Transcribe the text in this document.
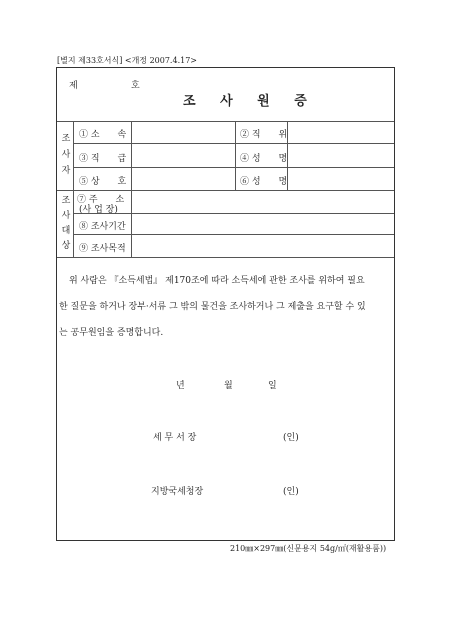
[별지 제33호서식] <개정 2007.4.17>
제	호
조 사 원 증
조
사
자
① 소　　속	② 직　　위
③ 직　　급	④ 성　　명
⑤ 상　　호	⑥ 성　　명
조
사
대
상
⑦ 주　　소
(사 업 장)
⑧ 조사기간
⑨ 조사목적
위 사람은 『소득세법』 제170조에 따라 소득세에 관한 조사를 위하여 필요
한 질문을 하거나 장부·서류 그 밖의 물건을 조사하거나 그 제출을 요구할 수 있
는 공무원임을 증명합니다.
년	월	일
세 무 서 장	(인)
지방국세청장	(인)
210㎜×297㎜(신문용지 54g/㎡(재활용품))
